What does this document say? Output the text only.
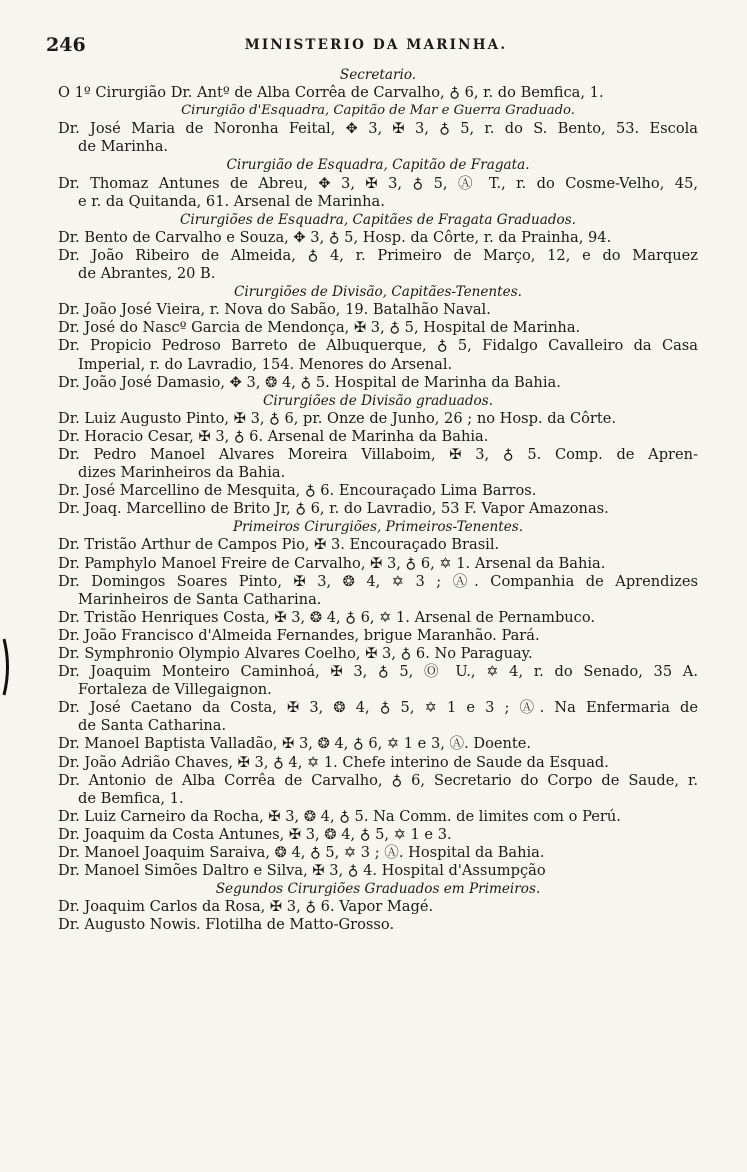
246	MINISTERIO DA MARINHA.
Secretario.
O 1º Cirurgião Dr. Antº de Alba Corrêa de Carvalho, ♁ 6, r. do Bemfica, 1.
Cirurgião d'Esquadra, Capitão de Mar e Guerra Graduado.
Dr. José Maria de Noronha Feital, ✥ 3, ✠ 3, ♁ 5, r. do S. Bento, 53. Escola
de Marinha.
Cirurgião de Esquadra, Capitão de Fragata.
Dr. Thomaz Antunes de Abreu, ✥ 3, ✠ 3, ♁ 5, Ⓐ T., r. do Cosme-Velho, 45,
e r. da Quitanda, 61. Arsenal de Marinha.
Cirurgiões de Esquadra, Capitães de Fragata Graduados.
Dr. Bento de Carvalho e Souza, ✥ 3, ♁ 5, Hosp. da Côrte, r. da Prainha, 94.
Dr. João Ribeiro de Almeida, ♁ 4, r. Primeiro de Março, 12, e do Marquez
de Abrantes, 20 B.
Cirurgiões de Divisão, Capitães-Tenentes.
Dr. João José Vieira, r. Nova do Sabão, 19. Batalhão Naval.
Dr. José do Nascº Garcia de Mendonça, ✠ 3, ♁ 5, Hospital de Marinha.
Dr. Propicio Pedroso Barreto de Albuquerque, ♁ 5, Fidalgo Cavalleiro da Casa
Imperial, r. do Lavradio, 154. Menores do Arsenal.
Dr. João José Damasio, ✥ 3, ❂ 4, ♁ 5. Hospital de Marinha da Bahia.
Cirurgiões de Divisão graduados.
Dr. Luiz Augusto Pinto, ✠ 3, ♁ 6, pr. Onze de Junho, 26 ; no Hosp. da Côrte.
Dr. Horacio Cesar, ✠ 3, ♁ 6. Arsenal de Marinha da Bahia.
Dr. Pedro Manoel Alvares Moreira Villaboim, ✠ 3, ♁ 5. Comp. de Apren-
dizes Marinheiros da Bahia.
Dr. José Marcellino de Mesquita, ♁ 6. Encouraçado Lima Barros.
Dr. Joaq. Marcellino de Brito Jr, ♁ 6, r. do Lavradio, 53 F. Vapor Amazonas.
Primeiros Cirurgiões, Primeiros-Tenentes.
Dr. Tristão Arthur de Campos Pio, ✠ 3. Encouraçado Brasil.
Dr. Pamphylo Manoel Freire de Carvalho, ✠ 3, ♁ 6, ✡ 1. Arsenal da Bahia.
Dr. Domingos Soares Pinto, ✠ 3, ❂ 4, ✡ 3 ; Ⓐ. Companhia de Aprendizes
Marinheiros de Santa Catharina.
Dr. Tristão Henriques Costa, ✠ 3, ❂ 4, ♁ 6, ✡ 1. Arsenal de Pernambuco.
Dr. João Francisco d'Almeida Fernandes, brigue Maranhão. Pará.
Dr. Symphronio Olympio Alvares Coelho, ✠ 3, ♁ 6. No Paraguay.
Dr. Joaquim Monteiro Caminhoá, ✠ 3, ♁ 5, Ⓞ U., ✡ 4, r. do Senado, 35 A.
Fortaleza de Villegaignon.
Dr. José Caetano da Costa, ✠ 3, ❂ 4, ♁ 5, ✡ 1 e 3 ; Ⓐ. Na Enfermaria de
de Santa Catharina.
Dr. Manoel Baptista Valladão, ✠ 3, ❂ 4, ♁ 6, ✡ 1 e 3, Ⓐ. Doente.
Dr. João Adrião Chaves, ✠ 3, ♁ 4, ✡ 1. Chefe interino de Saude da Esquad.
Dr. Antonio de Alba Corrêa de Carvalho, ♁ 6, Secretario do Corpo de Saude, r.
de Bemfica, 1.
Dr. Luiz Carneiro da Rocha, ✠ 3, ❂ 4, ♁ 5. Na Comm. de limites com o Perú.
Dr. Joaquim da Costa Antunes, ✠ 3, ❂ 4, ♁ 5, ✡ 1 e 3.
Dr. Manoel Joaquim Saraiva, ❂ 4, ♁ 5, ✡ 3 ; Ⓐ. Hospital da Bahia.
Dr. Manoel Simões Daltro e Silva, ✠ 3, ♁ 4. Hospital d'Assumpção
Segundos Cirurgiões Graduados em Primeiros.
Dr. Joaquim Carlos da Rosa, ✠ 3, ♁ 6. Vapor Magé.
Dr. Augusto Nowis. Flotilha de Matto-Grosso.
